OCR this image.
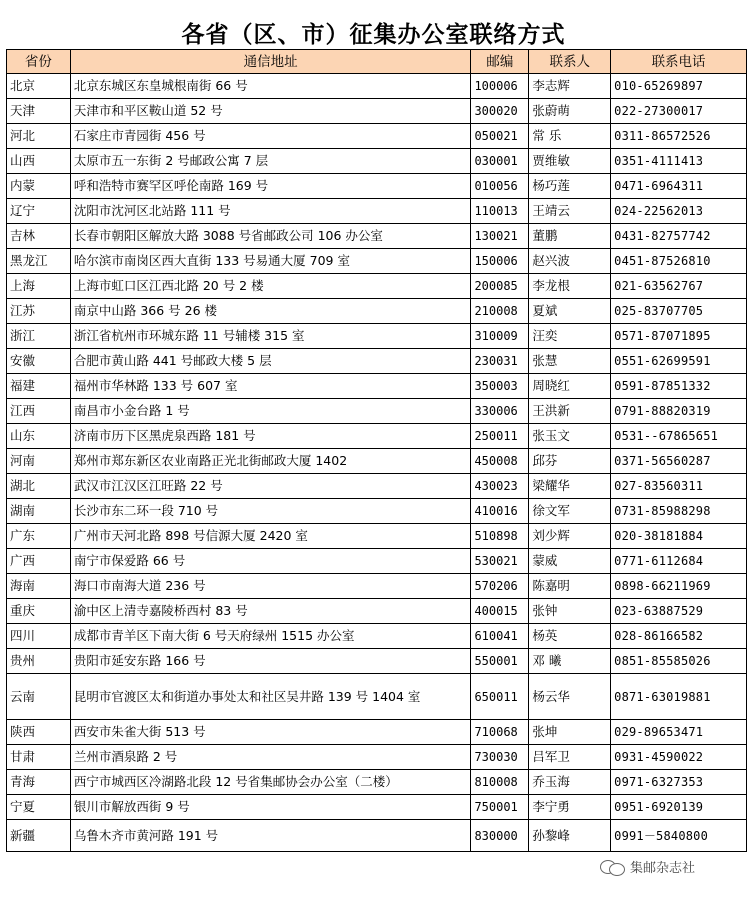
各省（区、市）征集办公室联络方式
省份	通信地址	邮编	联系人	联系电话
北京	北京东城区东皇城根南街 66 号	100006	李志辉	010-65269897
天津	天津市和平区鞍山道 52 号	300020	张蔚萌	022-27300017
河北	石家庄市青园街 456 号	050021	常 乐	0311-86572526
山西	太原市五一东街 2 号邮政公寓 7 层	030001	贾维敏	0351-4111413
内蒙	呼和浩特市赛罕区呼伦南路 169 号	010056	杨巧莲	0471-6964311
辽宁	沈阳市沈河区北站路 111 号	110013	王靖云	024-22562013
吉林	长春市朝阳区解放大路 3088 号省邮政公司 106 办公室	130021	董鹏	0431-82757742
黑龙江	哈尔滨市南岗区西大直街 133 号易通大厦 709 室	150006	赵兴波	0451-87526810
上海	上海市虹口区江西北路 20 号 2 楼	200085	李龙根	021-63562767
江苏	南京中山路 366 号 26 楼	210008	夏斌	025-83707705
浙江	浙江省杭州市环城东路 11 号辅楼 315 室	310009	汪奕	0571-87071895
安徽	合肥市黄山路 441 号邮政大楼 5 层	230031	张慧	0551-62699591
福建	福州市华林路 133 号 607 室	350003	周晓红	0591-87851332
江西	南昌市小金台路 1 号	330006	王洪新	0791-88820319
山东	济南市历下区黑虎泉西路 181 号	250011	张玉文	0531--67865651
河南	郑州市郑东新区农业南路正光北街邮政大厦 1402	450008	邱芬	0371-56560287
湖北	武汉市江汉区江旺路 22 号	430023	梁耀华	027-83560311
湖南	长沙市东二环一段 710 号	410016	徐文军	0731-85988298
广东	广州市天河北路 898 号信源大厦 2420 室	510898	刘少辉	020-38181884
广西	南宁市保爱路 66 号	530021	蒙威	0771-6112684
海南	海口市南海大道 236 号	570206	陈嘉明	0898-66211969
重庆	渝中区上清寺嘉陵桥西村 83 号	400015	张钟	023-63887529
四川	成都市青羊区下南大街 6 号天府绿州 1515 办公室	610041	杨英	028-86166582
贵州	贵阳市延安东路 166 号	550001	邓 曦	0851-85585026
云南	昆明市官渡区太和街道办事处太和社区吴井路 139 号 1404 室	650011	杨云华	0871-63019881
陕西	西安市朱雀大街 513 号	710068	张坤	029-89653471
甘肃	兰州市酒泉路 2 号	730030	吕军卫	0931-4590022
青海	西宁市城西区冷湖路北段 12 号省集邮协会办公室（二楼）	810008	乔玉海	0971-6327353
宁夏	银川市解放西街 9 号	750001	李宁勇	0951-6920139
新疆	乌鲁木齐市黄河路 191 号	830000	孙黎峰	0991－5840800
集邮杂志社
